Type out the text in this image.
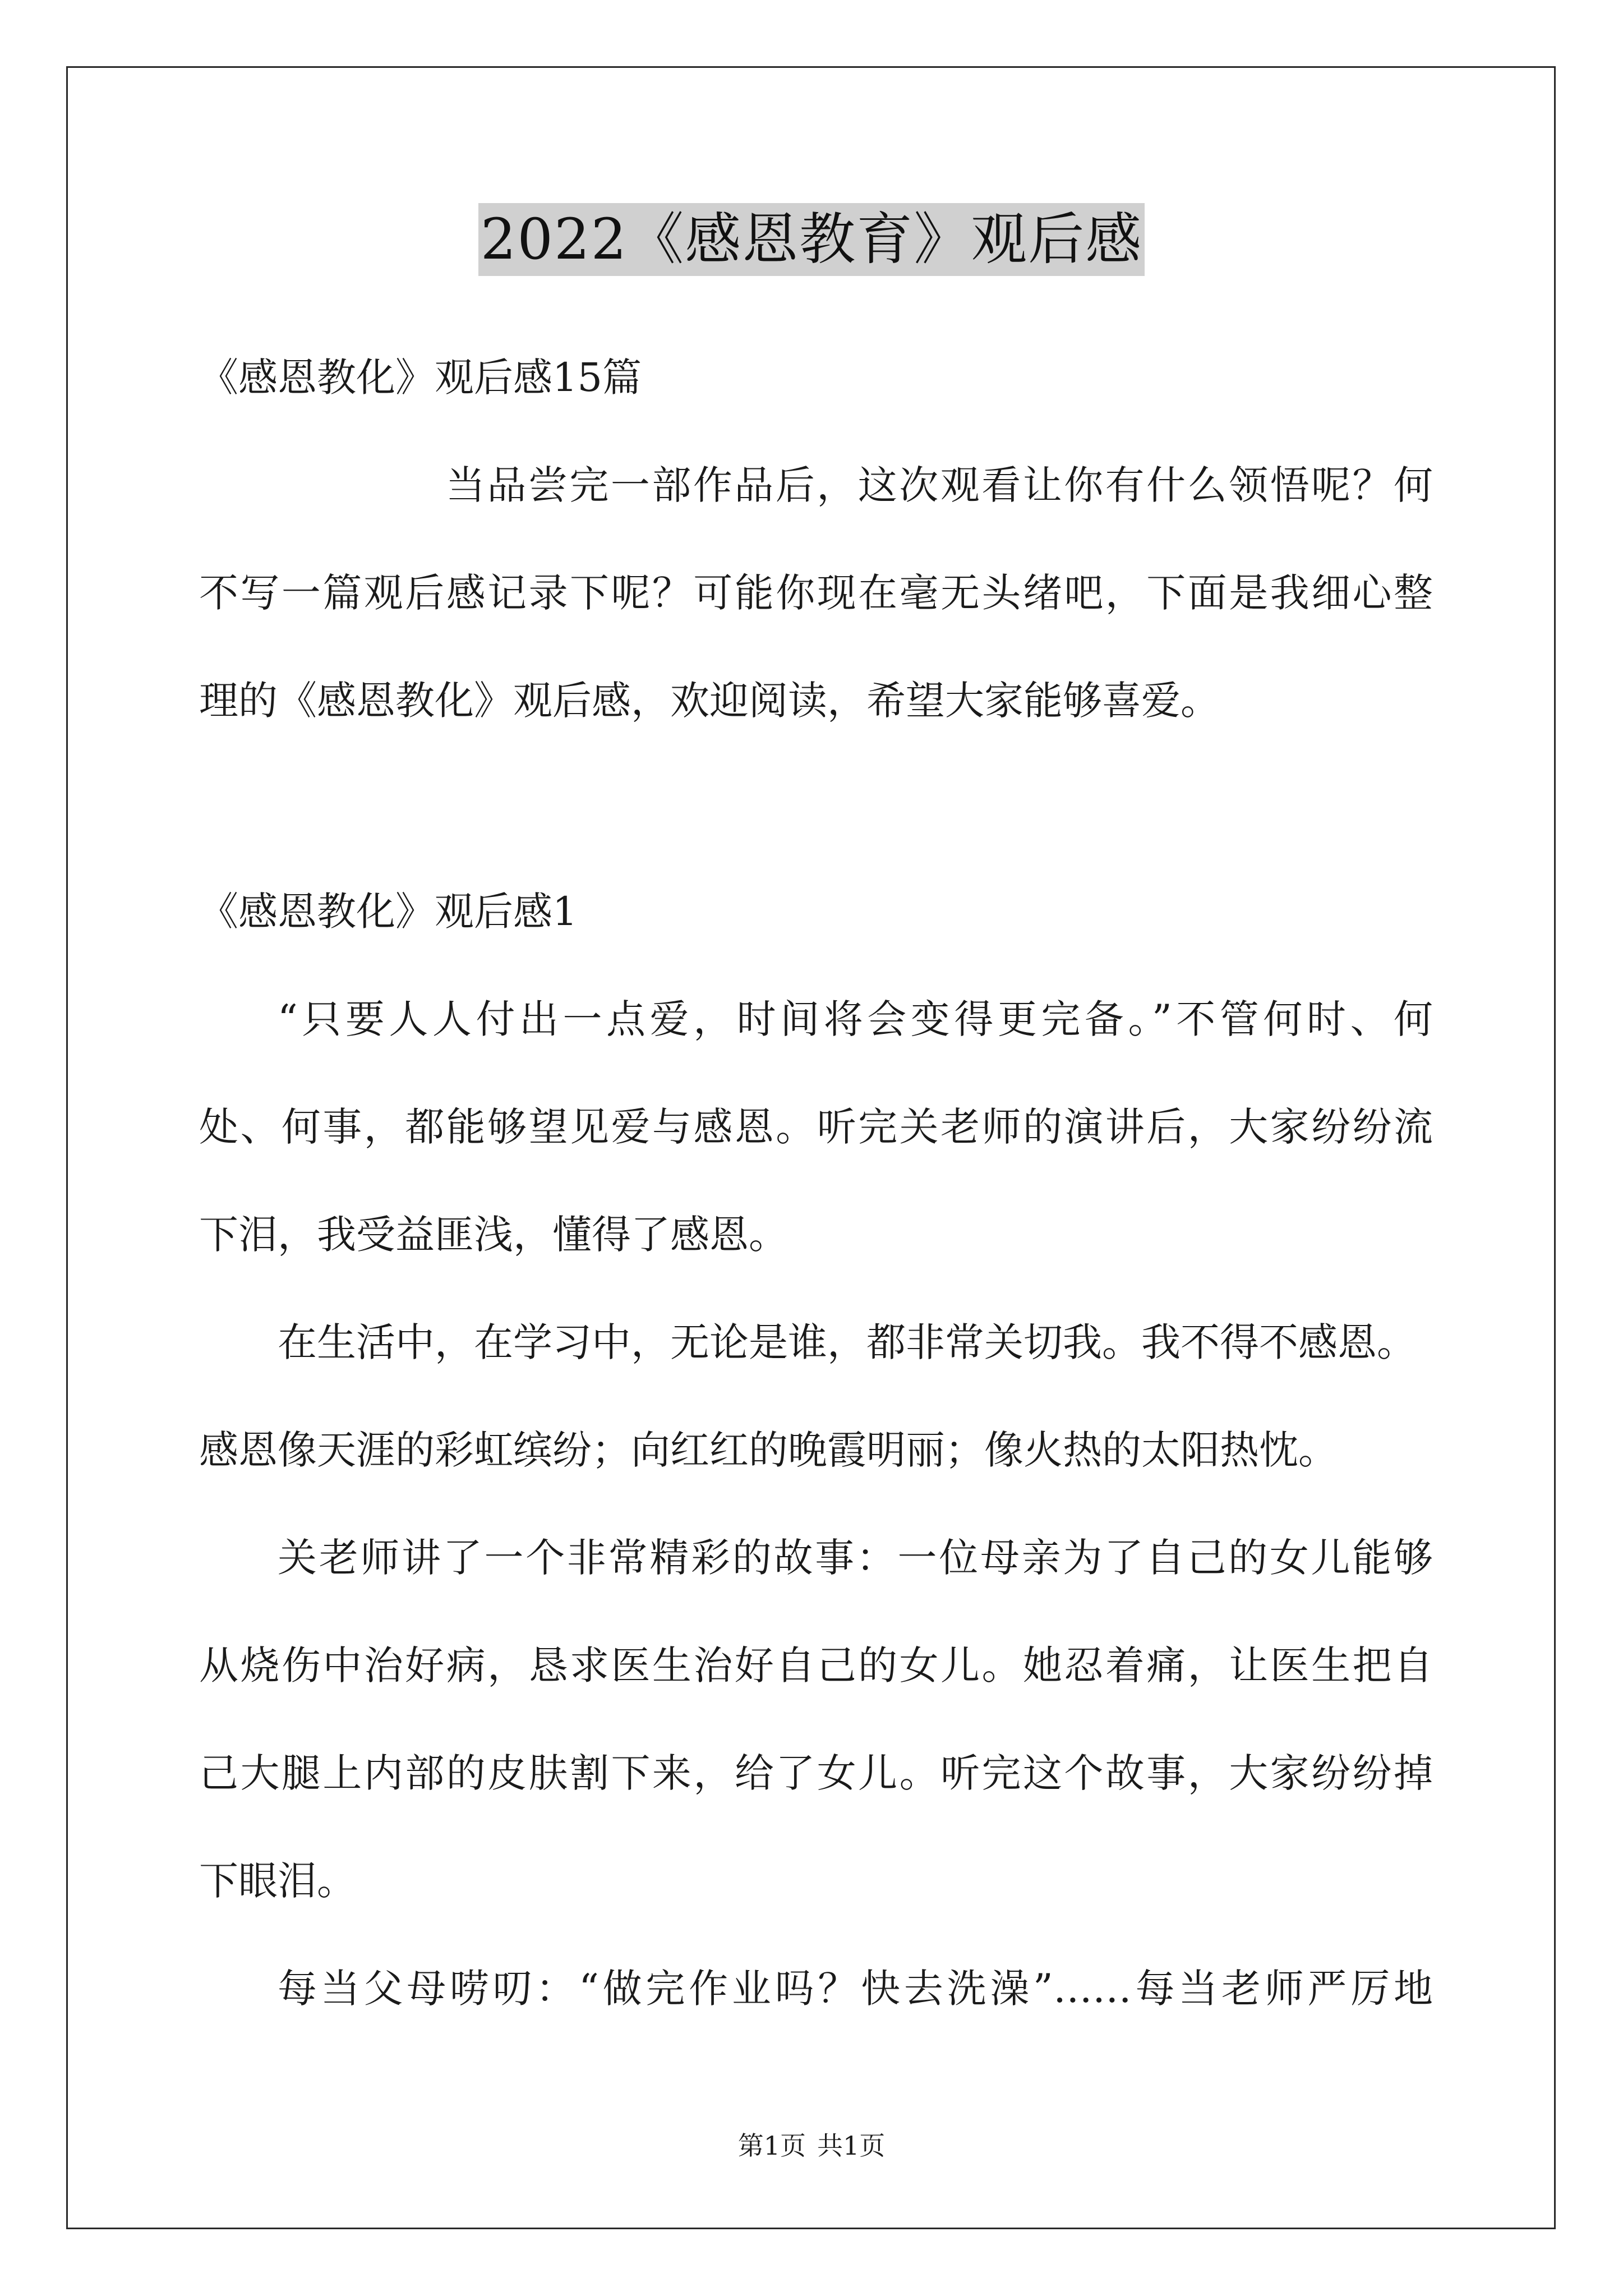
2022《感恩教育》观后感
《感恩教化》观后感15篇
当品尝完一部作品后，这次观看让你有什么领悟呢？何
不写一篇观后感记录下呢？可能你现在毫无头绪吧，下面是我细心整
理的《感恩教化》观后感，欢迎阅读，希望大家能够喜爱。
《感恩教化》观后感1
“只要人人付出一点爱，时间将会变得更完备。”不管何时、何
处、何事，都能够望见爱与感恩。听完关老师的演讲后，大家纷纷流
下泪，我受益匪浅，懂得了感恩。
在生活中，在学习中，无论是谁，都非常关切我。我不得不感恩。
感恩像天涯的彩虹缤纷；向红红的晚霞明丽；像火热的太阳热忱。
关老师讲了一个非常精彩的故事：一位母亲为了自己的女儿能够
从烧伤中治好病，恳求医生治好自己的女儿。她忍着痛，让医生把自
己大腿上内部的皮肤割下来，给了女儿。听完这个故事，大家纷纷掉
下眼泪。
每当父母唠叨：“做完作业吗？快去洗澡”……每当老师严厉地
第1页 共1页
